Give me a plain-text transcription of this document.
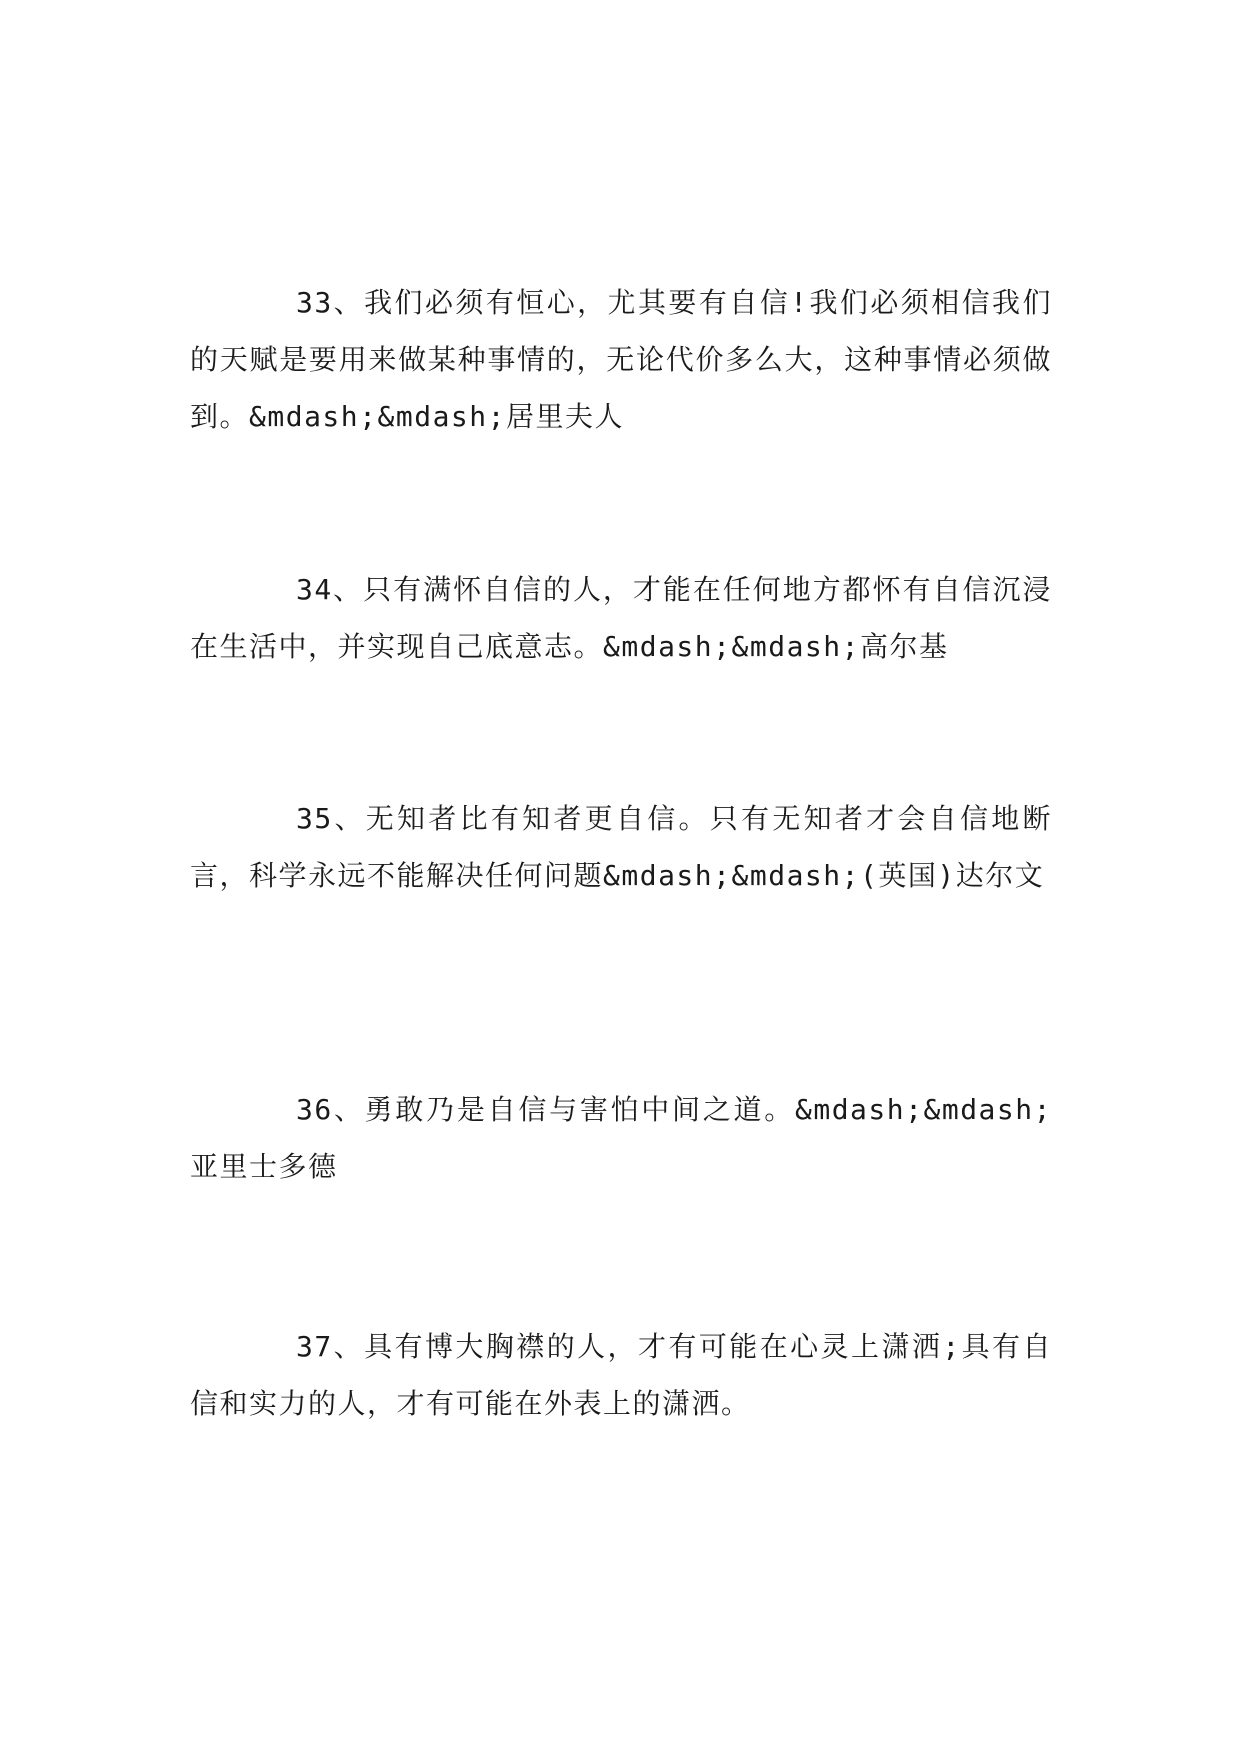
33、我们必须有恒心，尤其要有自信!我们必须相信我们的天赋是要用来做某种事情的，无论代价多么大，这种事情必须做到。&mdash;&mdash;居里夫人

34、只有满怀自信的人，才能在任何地方都怀有自信沉浸在生活中，并实现自己底意志。&mdash;&mdash;高尔基

35、无知者比有知者更自信。只有无知者才会自信地断言，科学永远不能解决任何问题&mdash;&mdash;(英国)达尔文

36、勇敢乃是自信与害怕中间之道。&mdash;&mdash;亚里士多德

37、具有博大胸襟的人，才有可能在心灵上潇洒;具有自信和实力的人，才有可能在外表上的潇洒。
